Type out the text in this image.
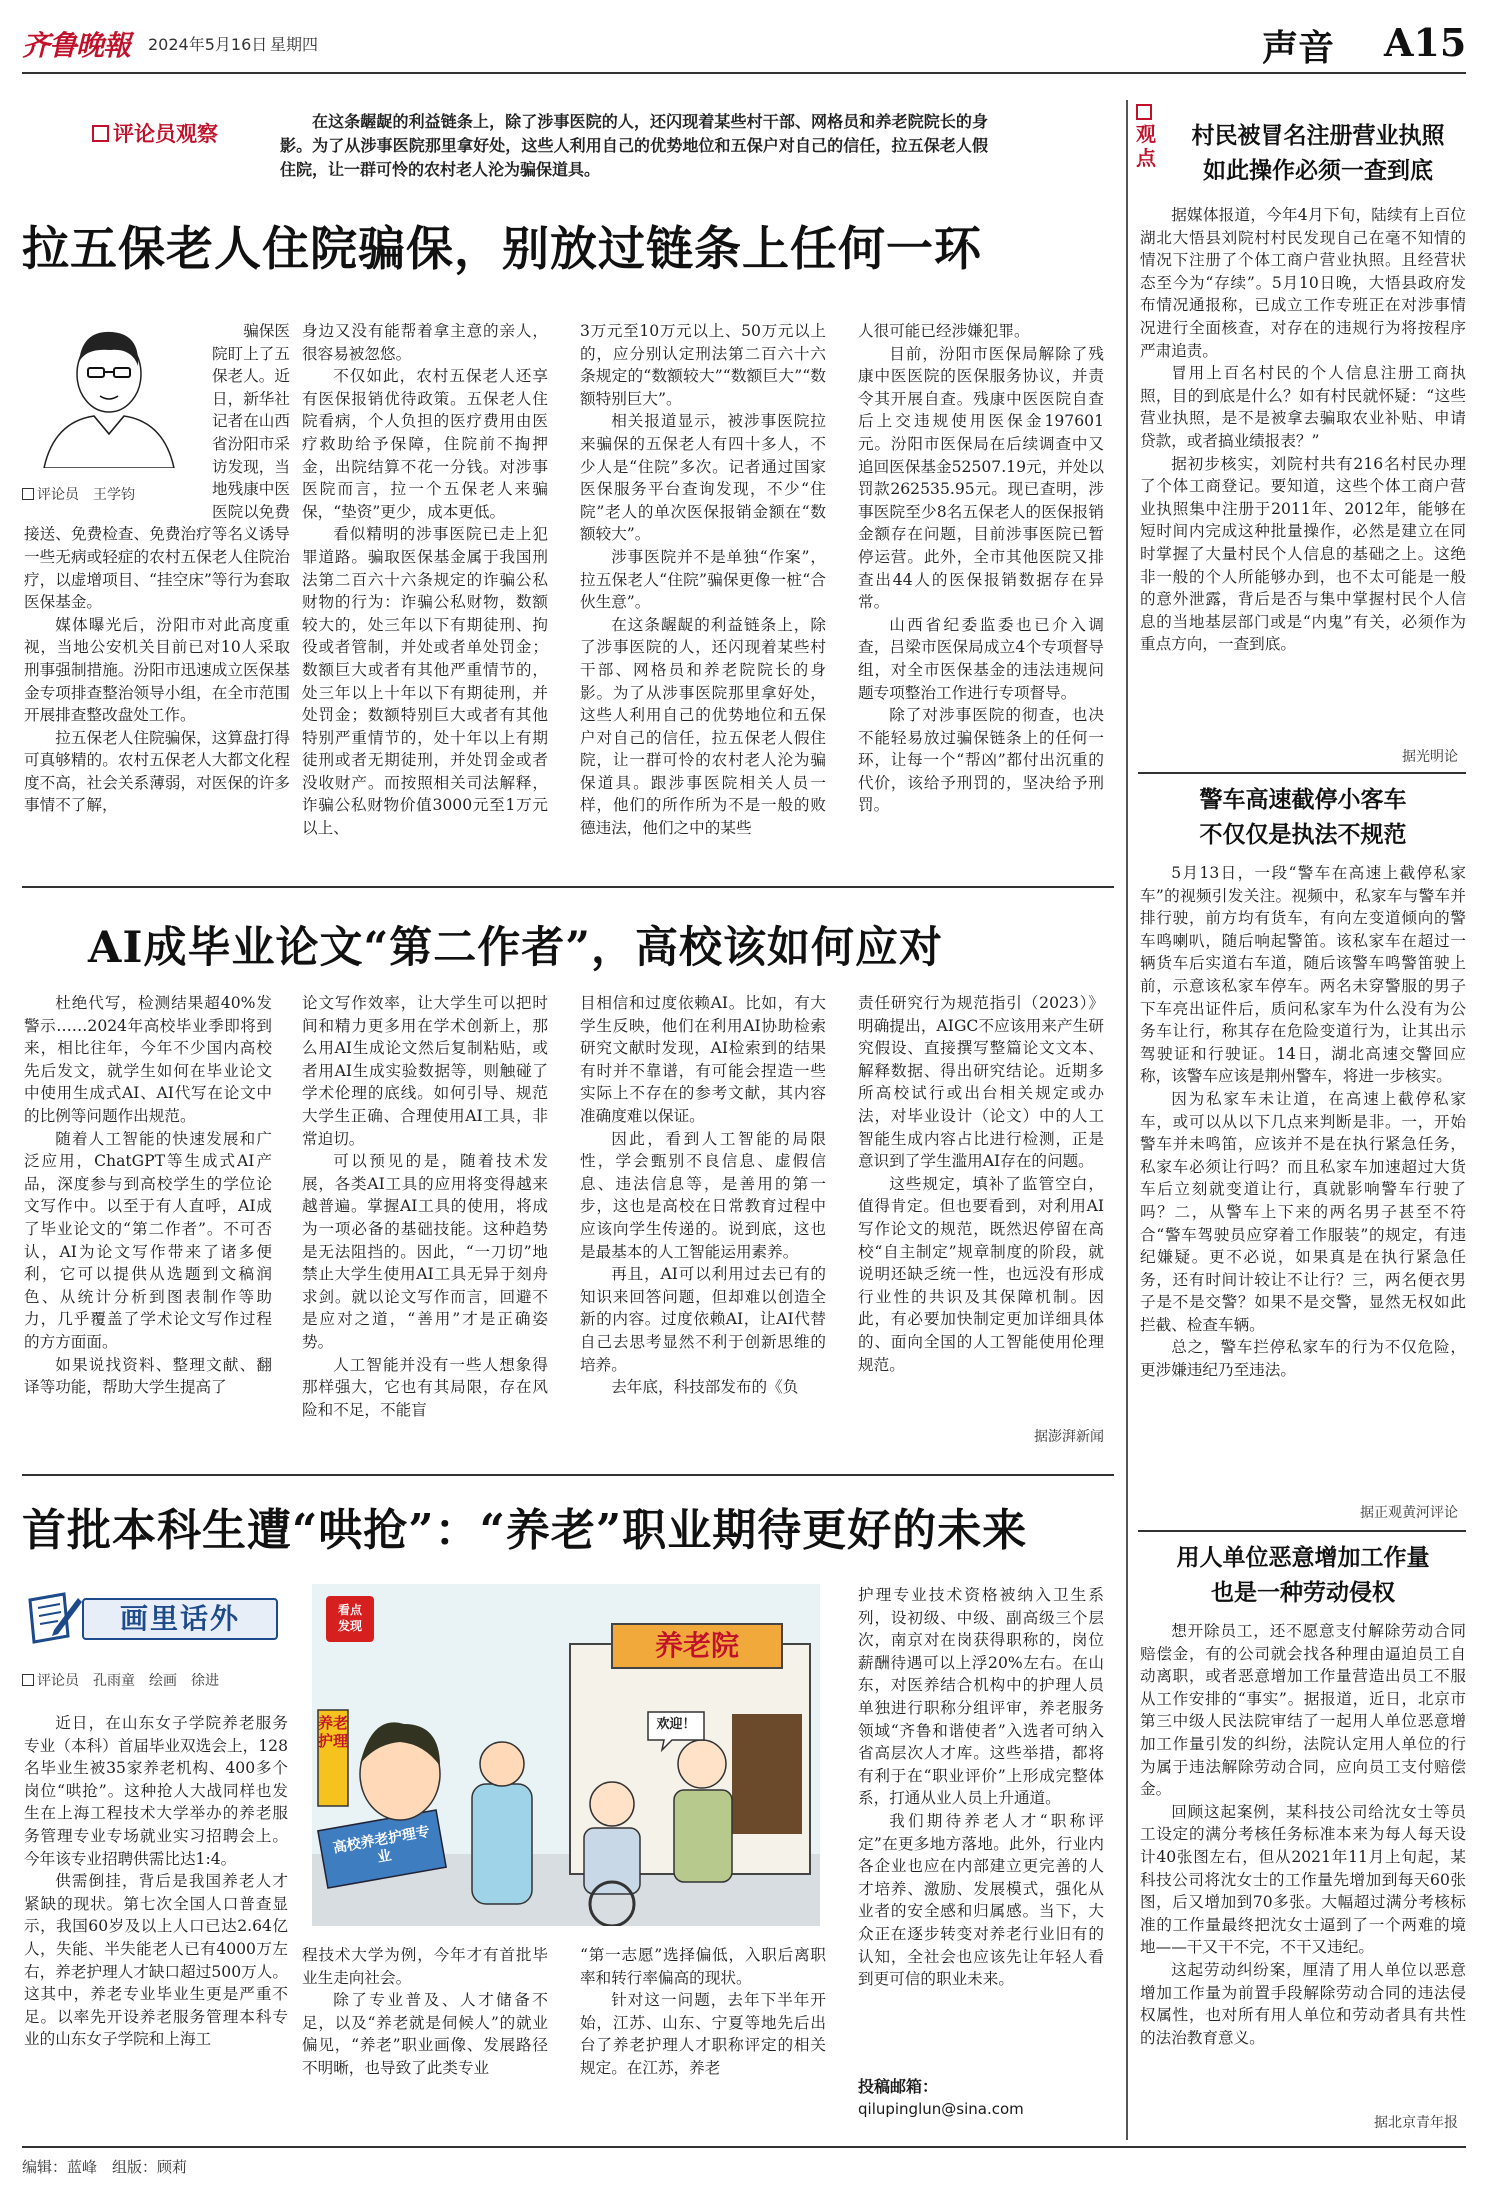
齐鲁晚報 2024年5月16日 星期四	声音 A15
评论员观察	在这条龌龊的利益链条上，除了涉事医院的人，还闪现着某些村干部、网格员和养老院院长的身影。为了从涉事医院那里拿好处，这些人利用自己的优势地位和五保户对自己的信任，拉五保老人假住院，让一群可怜的农村老人沦为骗保道具。
拉五保老人住院骗保，别放过链条上任何一环
评论员　王学钧

骗保医院盯上了五保老人。近日，新华社记者在山西省汾阳市采访发现，当地残康中医医院以免费接送、免费检查、免费治疗等名义诱导一些无病或轻症的农村五保老人住院治疗，以虚增项目、“挂空床”等行为套取医保基金。

媒体曝光后，汾阳市对此高度重视，当地公安机关目前已对10人采取刑事强制措施。汾阳市迅速成立医保基金专项排查整治领导小组，在全市范围开展排查整改盘处工作。

拉五保老人住院骗保，这算盘打得可真够精的。农村五保老人大都文化程度不高，社会关系薄弱，对医保的许多事情不了解，

身边又没有能帮着拿主意的亲人，很容易被忽悠。

不仅如此，农村五保老人还享有医保报销优待政策。五保老人住院看病，个人负担的医疗费用由医疗救助给予保障，住院前不掏押金，出院结算不花一分钱。对涉事医院而言，拉一个五保老人来骗保，“垫资”更少，成本更低。

看似精明的涉事医院已走上犯罪道路。骗取医保基金属于我国刑法第二百六十六条规定的诈骗公私财物的行为：诈骗公私财物，数额较大的，处三年以下有期徒刑、拘役或者管制，并处或者单处罚金；数额巨大或者有其他严重情节的，处三年以上十年以下有期徒刑，并处罚金；数额特别巨大或者有其他特别严重情节的，处十年以上有期徒刑或者无期徒刑，并处罚金或者没收财产。而按照相关司法解释，诈骗公私财物价值3000元至1万元以上、

3万元至10万元以上、50万元以上的，应分别认定刑法第二百六十六条规定的“数额较大”“数额巨大”“数额特别巨大”。

相关报道显示，被涉事医院拉来骗保的五保老人有四十多人，不少人是“住院”多次。记者通过国家医保服务平台查询发现，不少“住院”老人的单次医保报销金额在“数额较大”。

涉事医院并不是单独“作案”，拉五保老人“住院”骗保更像一桩“合伙生意”。

在这条龌龊的利益链条上，除了涉事医院的人，还闪现着某些村干部、网格员和养老院院长的身影。为了从涉事医院那里拿好处，这些人利用自己的优势地位和五保户对自己的信任，拉五保老人假住院，让一群可怜的农村老人沦为骗保道具。跟涉事医院相关人员一样，他们的所作所为不是一般的败德违法，他们之中的某些

人很可能已经涉嫌犯罪。

目前，汾阳市医保局解除了残康中医医院的医保服务协议，并责令其开展自查。残康中医医院自查后上交违规使用医保金197601元。汾阳市医保局在后续调查中又追回医保基金52507.19元，并处以罚款262535.95元。现已查明，涉事医院至少8名五保老人的医保报销金额存在问题，目前涉事医院已暂停运营。此外，全市其他医院又排查出44人的医保报销数据存在异常。

山西省纪委监委也已介入调查，吕梁市医保局成立4个专项督导组，对全市医保基金的违法违规问题专项整治工作进行专项督导。

除了对涉事医院的彻查，也决不能轻易放过骗保链条上的任何一环，让每一个“帮凶”都付出沉重的代价，该给予刑罚的，坚决给予刑罚。

AI成毕业论文“第二作者”，高校该如何应对

杜绝代写，检测结果超40%发警示……2024年高校毕业季即将到来，相比往年，今年不少国内高校先后发文，就学生如何在毕业论文中使用生成式AI、AI代写在论文中的比例等问题作出规范。

随着人工智能的快速发展和广泛应用，ChatGPT等生成式AI产品，深度参与到高校学生的学位论文写作中。以至于有人直呼，AI成了毕业论文的“第二作者”。不可否认，AI为论文写作带来了诸多便利，它可以提供从选题到文稿润色、从统计分析到图表制作等助力，几乎覆盖了学术论文写作过程的方方面面。

如果说找资料、整理文献、翻译等功能，帮助大学生提高了

论文写作效率，让大学生可以把时间和精力更多用在学术创新上，那么用AI生成论文然后复制粘贴，或者用AI生成实验数据等，则触碰了学术伦理的底线。如何引导、规范大学生正确、合理使用AI工具，非常迫切。

可以预见的是，随着技术发展，各类AI工具的应用将变得越来越普遍。掌握AI工具的使用，将成为一项必备的基础技能。这种趋势是无法阻挡的。因此，“一刀切”地禁止大学生使用AI工具无异于刻舟求剑。就以论文写作而言，回避不是应对之道，“善用”才是正确姿势。

人工智能并没有一些人想象得那样强大，它也有其局限，存在风险和不足，不能盲

目相信和过度依赖AI。比如，有大学生反映，他们在利用AI协助检索研究文献时发现，AI检索到的结果有时并不靠谱，有可能会捏造一些实际上不存在的参考文献，其内容准确度难以保证。

因此，看到人工智能的局限性，学会甄别不良信息、虚假信息、违法信息等，是善用的第一步，这也是高校在日常教育过程中应该向学生传递的。说到底，这也是最基本的人工智能运用素养。

再且，AI可以利用过去已有的知识来回答问题，但却难以创造全新的内容。过度依赖AI，让AI代替自己去思考显然不利于创新思维的培养。

去年底，科技部发布的《负

责任研究行为规范指引（2023）》明确提出，AIGC不应该用来产生研究假设、直接撰写整篇论文文本、解释数据、得出研究结论。近期多所高校试行或出台相关规定或办法，对毕业设计（论文）中的人工智能生成内容占比进行检测，正是意识到了学生滥用AI存在的问题。

这些规定，填补了监管空白，值得肯定。但也要看到，对利用AI写作论文的规范，既然迟停留在高校“自主制定”规章制度的阶段，就说明还缺乏统一性，也远没有形成行业性的共识及其保障机制。因此，有必要加快制定更加详细具体的、面向全国的人工智能使用伦理规范。

据澎湃新闻
首批本科生遭“哄抢”：“养老”职业期待更好的未来
画里话外
评论员　孔雨童　绘画　徐进

近日，在山东女子学院养老服务专业（本科）首届毕业双选会上，128名毕业生被35家养老机构、400多个岗位“哄抢”。这种抢人大战同样也发生在上海工程技术大学举办的养老服务管理专业专场就业实习招聘会上。今年该专业招聘供需比达1:4。

供需倒挂，背后是我国养老人才紧缺的现状。第七次全国人口普查显示，我国60岁及以上人口已达2.64亿人，失能、半失能老人已有4000万左右，养老护理人才缺口超过500万人。这其中，养老专业毕业生更是严重不足。以率先开设养老服务管理本科专业的山东女子学院和上海工

看点
发现
养老护理
养老院
欢迎！
高校养老护理专业

程技术大学为例，今年才有首批毕业生走向社会。

除了专业普及、人才储备不足，以及“养老就是伺候人”的就业偏见，“养老”职业画像、发展路径不明晰，也导致了此类专业

“第一志愿”选择偏低，入职后离职率和转行率偏高的现状。

针对这一问题，去年下半年开始，江苏、山东、宁夏等地先后出台了养老护理人才职称评定的相关规定。在江苏，养老

护理专业技术资格被纳入卫生系列，设初级、中级、副高级三个层次，南京对在岗获得职称的，岗位薪酬待遇可以上浮20%左右。在山东，对医养结合机构中的护理人员单独进行职称分组评审，养老服务领域“齐鲁和谐使者”入选者可纳入省高层次人才库。这些举措，都将有利于在“职业评价”上形成完整体系，打通从业人员上升通道。

我们期待养老人才“职称评定”在更多地方落地。此外，行业内各企业也应在内部建立更完善的人才培养、激励、发展模式，强化从业者的安全感和归属感。当下，大众正在逐步转变对养老行业旧有的认知，全社会也应该先让年轻人看到更可信的职业未来。

投稿邮箱：
qilupinglun@sina.com
观点
村民被冒名注册营业执照
如此操作必须一查到底

据媒体报道，今年4月下旬，陆续有上百位湖北大悟县刘院村村民发现自己在毫不知情的情况下注册了个体工商户营业执照。且经营状态至今为“存续”。5月10日晚，大悟县政府发布情况通报称，已成立工作专班正在对涉事情况进行全面核查，对存在的违规行为将按程序严肃追责。

冒用上百名村民的个人信息注册工商执照，目的到底是什么？如有村民就怀疑：“这些营业执照，是不是被拿去骗取农业补贴、申请贷款，或者搞业绩报表？”

据初步核实，刘院村共有216名村民办理了个体工商登记。要知道，这些个体工商户营业执照集中注册于2011年、2012年，能够在短时间内完成这种批量操作，必然是建立在同时掌握了大量村民个人信息的基础之上。这绝非一般的个人所能够办到，也不太可能是一般的意外泄露，背后是否与集中掌握村民个人信息的当地基层部门或是“内鬼”有关，必须作为重点方向，一查到底。

据光明论
警车高速截停小客车
不仅仅是执法不规范

5月13日，一段“警车在高速上截停私家车”的视频引发关注。视频中，私家车与警车并排行驶，前方均有货车，有向左变道倾向的警车鸣喇叭，随后响起警笛。该私家车在超过一辆货车后实道右车道，随后该警车鸣警笛驶上前，示意该私家车停车。两名未穿警服的男子下车亮出证件后，质问私家车为什么没有为公务车让行，称其存在危险变道行为，让其出示驾驶证和行驶证。14日，湖北高速交警回应称，该警车应该是荆州警车，将进一步核实。

因为私家车未让道，在高速上截停私家车，或可以从以下几点来判断是非。一，开始警车并未鸣笛，应该并不是在执行紧急任务，私家车必须让行吗？而且私家车加速超过大货车后立刻就变道让行，真就影响警车行驶了吗？二，从警车上下来的两名男子甚至不符合“警车驾驶员应穿着工作服装”的规定，有违纪嫌疑。更不必说，如果真是在执行紧急任务，还有时间计较让不让行？三，两名便衣男子是不是交警？如果不是交警，显然无权如此拦截、检查车辆。

总之，警车拦停私家车的行为不仅危险，更涉嫌违纪乃至违法。

据正观黄河评论
用人单位恶意增加工作量
也是一种劳动侵权

想开除员工，还不愿意支付解除劳动合同赔偿金，有的公司就会找各种理由逼迫员工自动离职，或者恶意增加工作量营造出员工不服从工作安排的“事实”。据报道，近日，北京市第三中级人民法院审结了一起用人单位恶意增加工作量引发的纠纷，法院认定用人单位的行为属于违法解除劳动合同，应向员工支付赔偿金。

回顾这起案例，某科技公司给沈女士等员工设定的满分考核任务标准本来为每人每天设计40张图左右，但从2021年11月上旬起，某科技公司将沈女士的工作量先增加到每天60张图，后又增加到70多张。大幅超过满分考核标准的工作量最终把沈女士逼到了一个两难的境地——干又干不完，不干又违纪。

这起劳动纠纷案，厘清了用人单位以恶意增加工作量为前置手段解除劳动合同的违法侵权属性，也对所有用人单位和劳动者具有共性的法治教育意义。

据北京青年报
编辑：蓝峰　组版：顾莉
